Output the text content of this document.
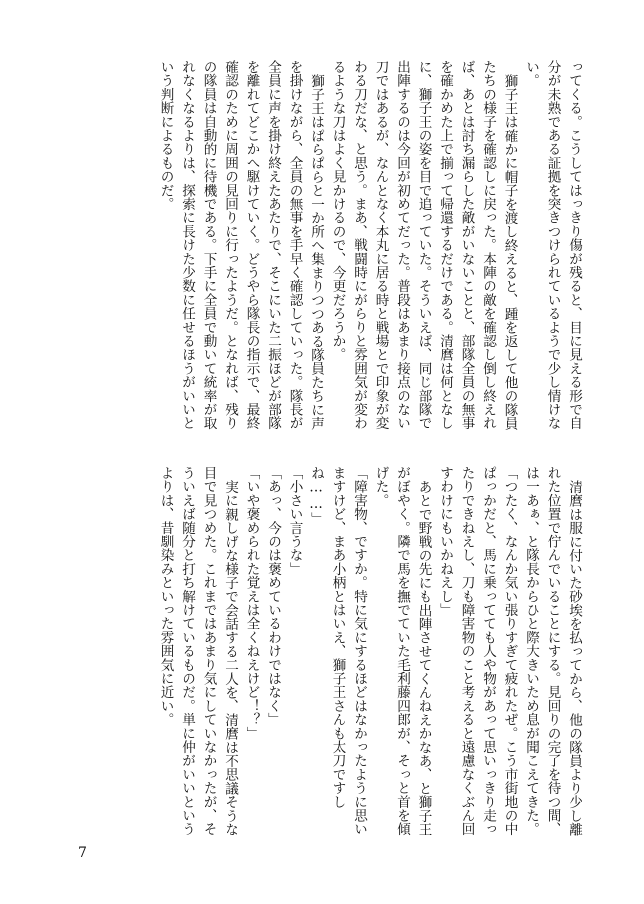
ってくる。こうしてはっきり傷が残ると、目に見える形で自分が未熟である証拠を突きつけられているようで少し情けない。

獅子王は確かに帽子を渡し終えると、踵を返して他の隊員たちの様子を確認しに戻った。本陣の敵を確認し倒し終えれば、あとは討ち漏らした敵がいないことと、部隊全員の無事を確かめた上で揃って帰還するだけである。清麿は何となしに、獅子王の姿を目で追っていた。そういえば、同じ部隊で出陣するのは今回が初めてだった。普段はあまり接点のない刀ではあるが、なんとなく本丸に居る時と戦場とで印象が変わる刀だな、と思う。まあ、戦闘時にがらりと雰囲気が変わるような刀はよく見かけるので、今更だろうか。

獅子王はぱらぱらと一か所へ集まりつつある隊員たちに声を掛けながら、全員の無事を手早く確認していった。隊長が全員に声を掛け終えたあたりで、そこにいた二振ほどが部隊を離れてどこかへ駆けていく。どうやら隊長の指示で、最終確認のために周囲の見回りに行ったようだ。となれば、残りの隊員は自動的に待機である。下手に全員で動いて統率が取れなくなるよりは、探索に長けた少数に任せるほうがいいという判断によるものだ。

清麿は服に付いた砂埃を払ってから、他の隊員より少し離れた位置で佇んでいることにする。見回りの完了を待つ間、は一あぁ、と隊長からひと際大きいため息が聞こえてきた。

「つたく、なんか気い張りすぎて疲れたぜ。こう市街地の中ぱっかだと、馬に乗ってても人や物があって思いっきり走ったりできねえし、刀も障害物のこと考えると遠慮なくぶん回すわけにもいかねえし」

あとで野戦の先にも出陣させてくんねえかなあ、と獅子王がぼやく。隣で馬を撫でていた毛利藤四郎が、そっと首を傾げた。

「障害物、ですか。特に気にするほどはなかったように思いますけど、まあ小柄とはいえ、獅子王さんも太刀ですしね……」

「小さい言うな」

「あっ、今のは褒めているわけではなく」

「いや褒められた覚えは全くねえけど！？」

実に親しげな様子で会話する二人を、清麿は不思議そうな目で見つめた。これまではあまり気にしていなかったが、そういえば随分と打ち解けているものだ。単に仲がいいというよりは、昔馴染みといった雰囲気に近い。

7
